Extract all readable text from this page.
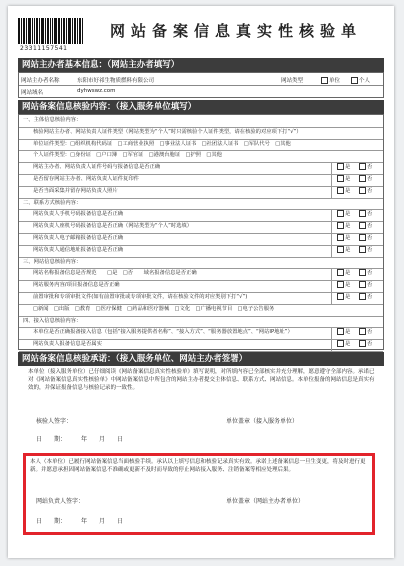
23311157541
网站备案信息真实性核验单
网站主办者基本信息：（网站主办者填写）
网站主办者名称	东阳市好祁生物质燃料有限公司	网站类型	单位	个人
网站域名	dyhwswz.com
网站备案信息核验内容：（接入服务单位填写）
一、主体信息核验内容：
核验网站主办者、网站负责人证件类型（网站类型为“个人”时只需核验个人证件类型，请在核验的对应项下打“√”）
单位证件类型：□组织机构代码证　□工商营业执照　□事业法人证书　□社团法人证书　□军队代号　□其他
个人证件类型：□身份证　□户口簿　□军官证　□港澳台胞证　□护照　□其他
网站主办者、网站负责人证件号码与报备信息是否正确	是	否
是否留存网站主办者、网站负责人证件复印件	是	否
是否当面采集并留存网站负责人照片	是	否
二、联系方式核验内容：
网站负责人手机号码报备信息是否正确	是	否
网站负责人座机号码报备信息是否正确（网站类型为“个人”时选填）	是	否
网站负责人电子邮箱报备信息是否正确	是	否
网站负责人通信地址报备信息是否正确	是	否
三、网站信息核验内容：
网站名称报备信息是否规范　　□是　□否　　域名报备信息是否正确	是	否
网站服务内容/项目报备信息是否正确	是	否
前置审批和专项审批文件(如有前置审批或专项审批文件，请在核验文件的对应类别下打“√”)	是	否
□新闻　□出版　□教育　□医疗保健　□药品和医疗器械　□文化　□广播电视节目　□电子公告服务
四、接入信息核验内容：
本单位是否正确报备接入信息（包括“接入服务提供者名称”、“接入方式”、“服务器放置地点”、“网站IP地址”）	是	否
网站负责人报备信息是否属实	是	否
网站备案信息核验承诺：（接入服务单位、网站主办者签署）
本单位（接入服务单位）已仔细阅读《网站备案信息真实性核验单》填写说明，对所填内容已全部核实并充分理解，愿意遵守全部内容。承诺已对《网站备案信息真实性核验单》中网站备案信息中所包含的网站主办者提交主体信息、联系方式、网站信息。本单位报备的网站信息是真实有效的，并保证报备信息与核验记录的一致性。
核验人签字：	单位盖章（接入服务单位）
日　　期：　　　年　　月　　日
本人（本单位）已履行网站备案信息当面核验手续。承认以上填写信息和核验记录真实有效。承诺上述备案信息一旦生变更，将及时进行更新。并愿意承担因网站备案信息不准确或更新不及时而导致的停止网站接入服务、注销备案等相应处理后果。
网站负责人签字：	单位盖章（网站主办者单位）
日　　期：　　　年　　月　　日
